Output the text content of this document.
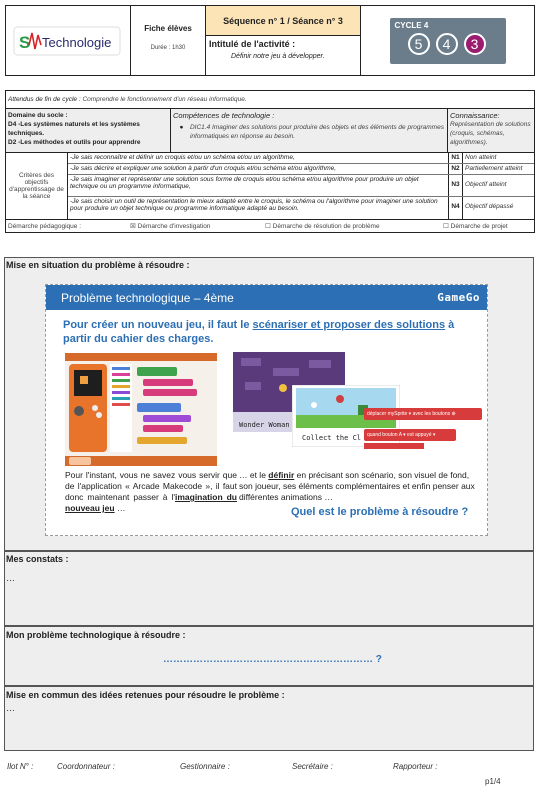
S Technologie
Fiche élèves
Durée : 1h30
Séquence n° 1 / Séance n° 3
Intitulé de l'activité :
Définir notre jeu à développer.
CYCLE 4
5	4	3
Attendus de fin de cycle :
Comprendre le fonctionnement d'un réseau informatique.
Domaine du socle :
D4 -Les systèmes naturels et les systèmes techniques.
D2 -Les méthodes et outils pour apprendre
Compétences de technologie :
●	DIC1.4 Imaginer des solutions pour produire des objets et des éléments de programmes informatiques en réponse au besoin.
Connaissance:
Représentation de solutions (croquis, schémas, algorithmes).
Critères des objectifs d'apprentissage de la séance
-Je sais reconnaître et définir un croquis et/ou un schéma et/ou un algorithme,	N1 Non atteint
-Je sais décrire et expliquer une solution à partir d'un croquis et/ou schéma et/ou algorithme,	N2 Partiellement atteint
-Je sais imaginer et représenter une solution sous forme de croquis et/ou schéma et/ou algorithme pour produire un objet technique ou un programme informatique,	N3 Objectif atteint
-Je sais choisir un outil de représentation le mieux adapté entre le croquis, le schéma ou l'algorithme pour imaginer une solution pour produire un objet technique ou programme informatique adapté au besoin.	N4 Objectif dépassé
Démarche pédagogique :	☒ Démarche d'investigation	☐ Démarche de résolution de problème	☐ Démarche de projet
Mise en situation du problème à résoudre :
Mes constats :
…
Mon problème technologique à résoudre :
……………………………………………………… ?
Mise en commun des idées retenues pour résoudre le problème :
…
Problème technologique – 4ème	GameGo
Pour créer un nouveau jeu, il faut le scénariser et proposer des solutions à partir du cahier des charges.
Wonder Woman
Collect the Cl
déplacer mySprite ▾ avec les boutons ⊕
quand bouton A ▾ est appuyé ▾
Pour l'instant, vous ne savez vous servir que de l'application « Arcade Makecode », il faut donc maintenant passer à l'imagination du nouveau jeu …
… et le définir en précisant son scénario, son visuel de fond, son joueur, ses éléments complémentaires et enfin penser aux différentes animations …
Quel est le problème à résoudre ?
Ilot N° :	Coordonnateur :	Gestionnaire :	Secrétaire :	Rapporteur :
p1/4
